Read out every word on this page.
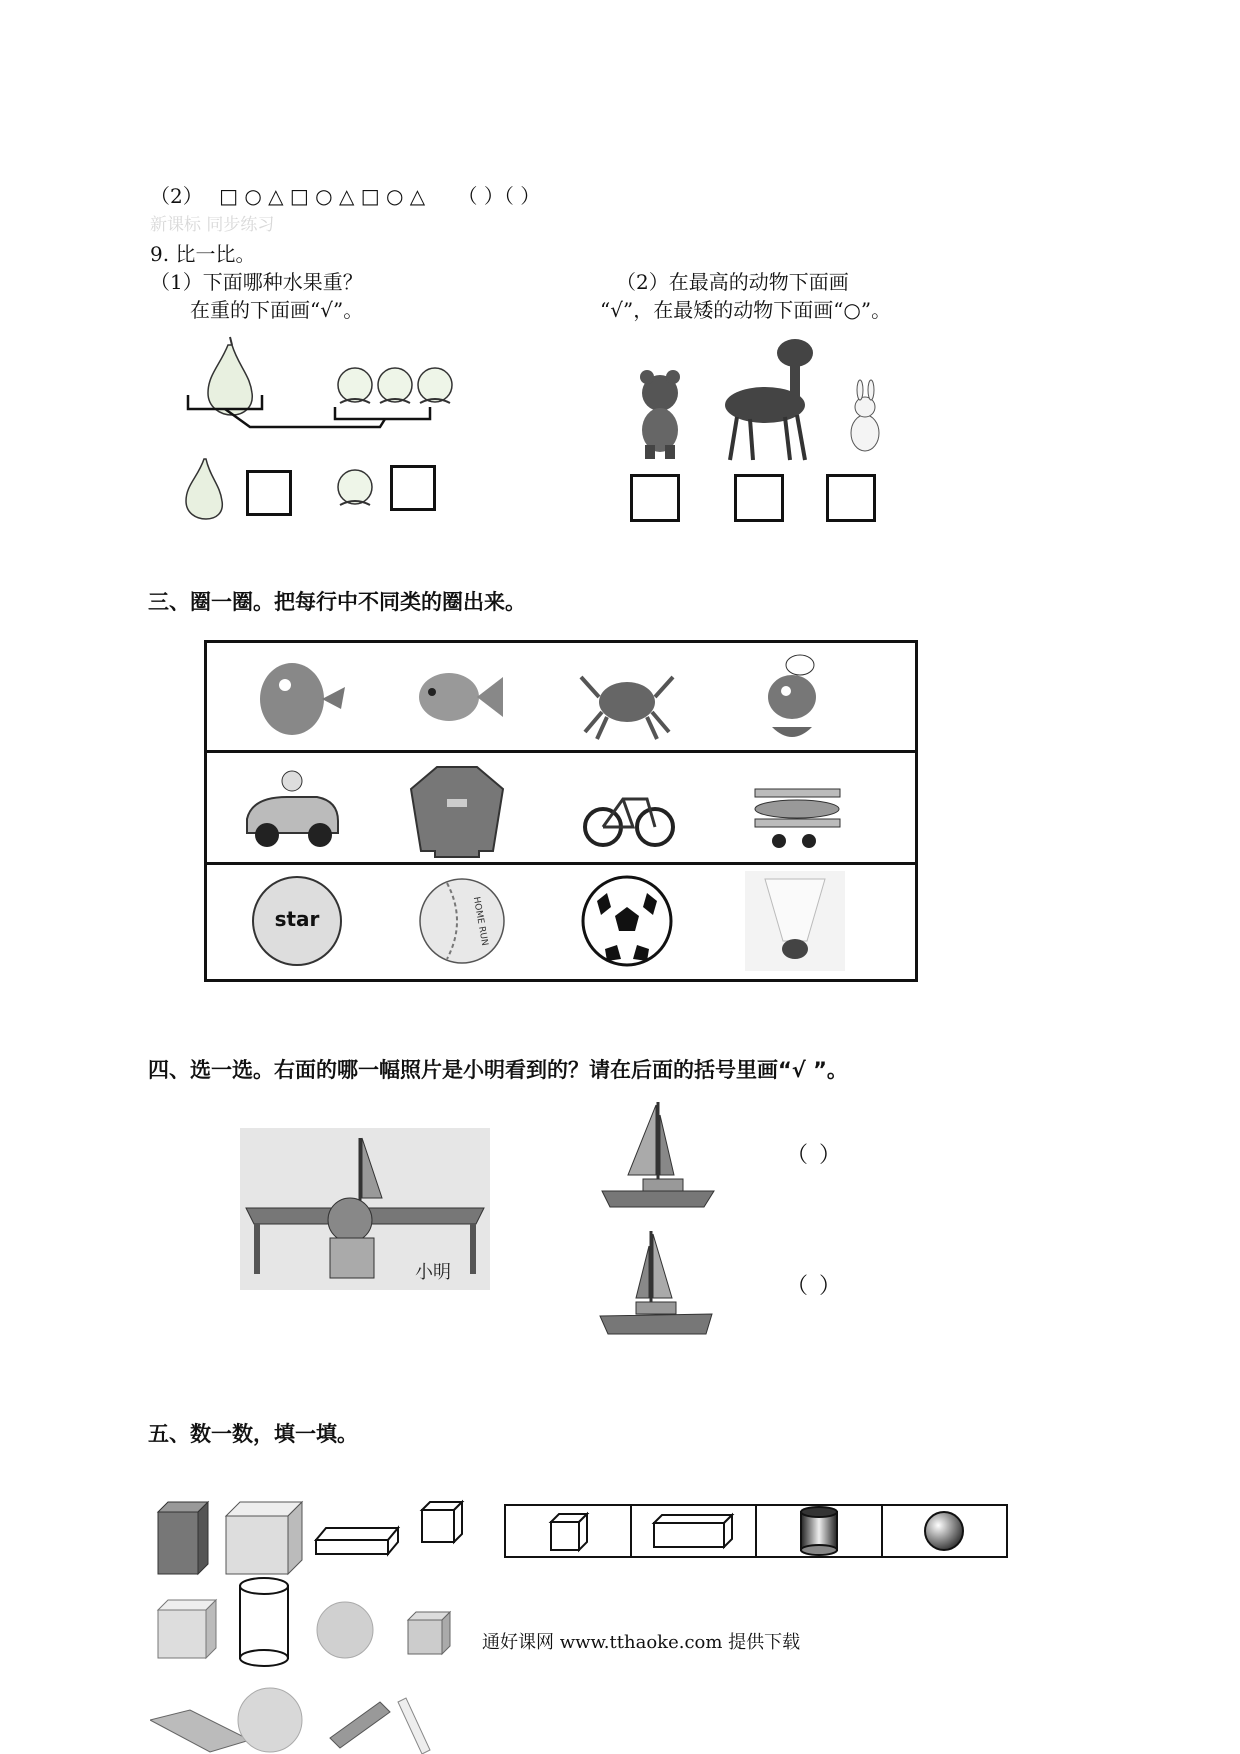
（2） □ ○ △ □ ○ △ □ ○ △ （ ）（ ）
新课标 同步练习
9. 比一比。
（1）下面哪种水果重？
在重的下面画“√”。
（2）在最高的动物下面画
“√”，在最矮的动物下面画“○”。
三、圈一圈。把每行中不同类的圈出来。
star	HOME RUN
四、选一选。右面的哪一幅照片是小明看到的？请在后面的括号里画“√ ”。
小明
（ ）
（ ）
五、数一数，填一填。
通好课网 www.tthaoke.com 提供下载
